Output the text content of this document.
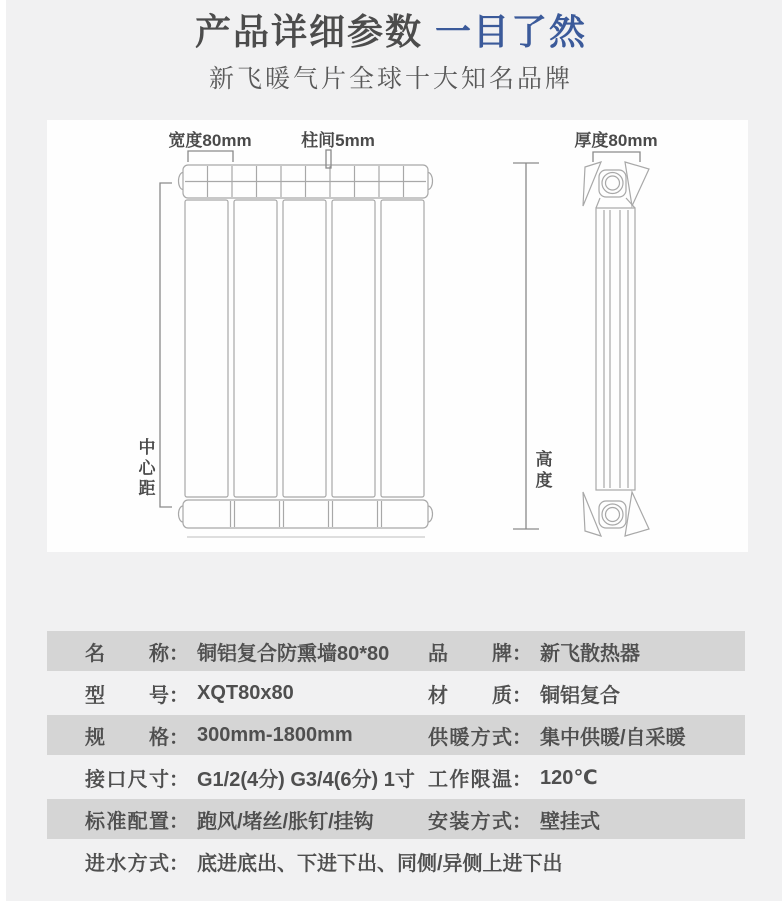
产品详细参数 一目了然
新飞暖气片全球十大知名品牌
宽度80mm	柱间5mm	厚度80mm
中心距
高度
名称 ： 铜铝复合防熏墙80*80 品牌 ： 新飞散热器
型号 ： XQT80x80	材质 ： 铜铝复合
规格 ： 300mm-1800mm	供暖方式 ： 集中供暖/自采暖
接口尺寸 ： G1/2(4分) G3/4(6分) 1寸 工作限温 ： 120℃
标准配置 ： 跑风/堵丝/胀钉/挂钩	安装方式 ： 壁挂式
进水方式 ： 底进底出、下进下出、同侧/异侧上进下出
